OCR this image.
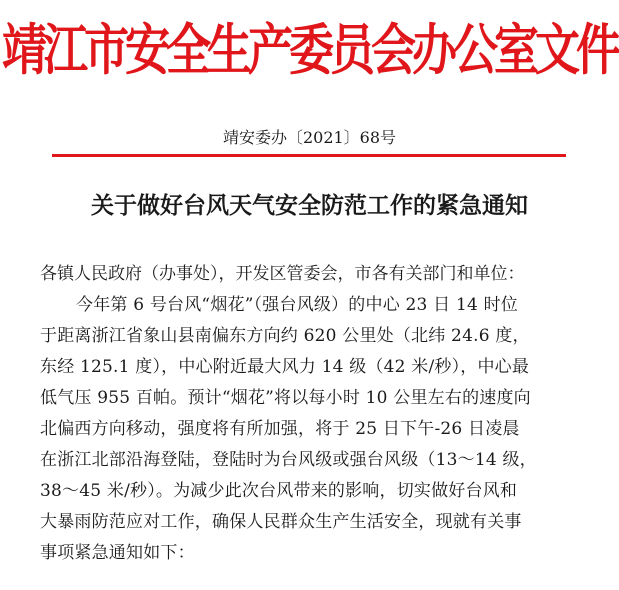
靖江市安全生产委员会办公室文件
靖安委办〔2021〕68号
关于做好台风天气安全防范工作的紧急通知
各镇人民政府（办事处），开发区管委会，市各有关部门和单位：
今年第 6 号台风“烟花”（强台风级）的中心 23 日 14 时位
于距离浙江省象山县南偏东方向约 620 公里处（北纬 24.6 度，
东经 125.1 度），中心附近最大风力 14 级（42 米/秒），中心最
低气压 955 百帕。预计“烟花”将以每小时 10 公里左右的速度向
北偏西方向移动，强度将有所加强，将于 25 日下午-26 日凌晨
在浙江北部沿海登陆，登陆时为台风级或强台风级（13～14 级，
38～45 米/秒）。为减少此次台风带来的影响，切实做好台风和
大暴雨防范应对工作，确保人民群众生产生活安全，现就有关事
事项紧急通知如下：
